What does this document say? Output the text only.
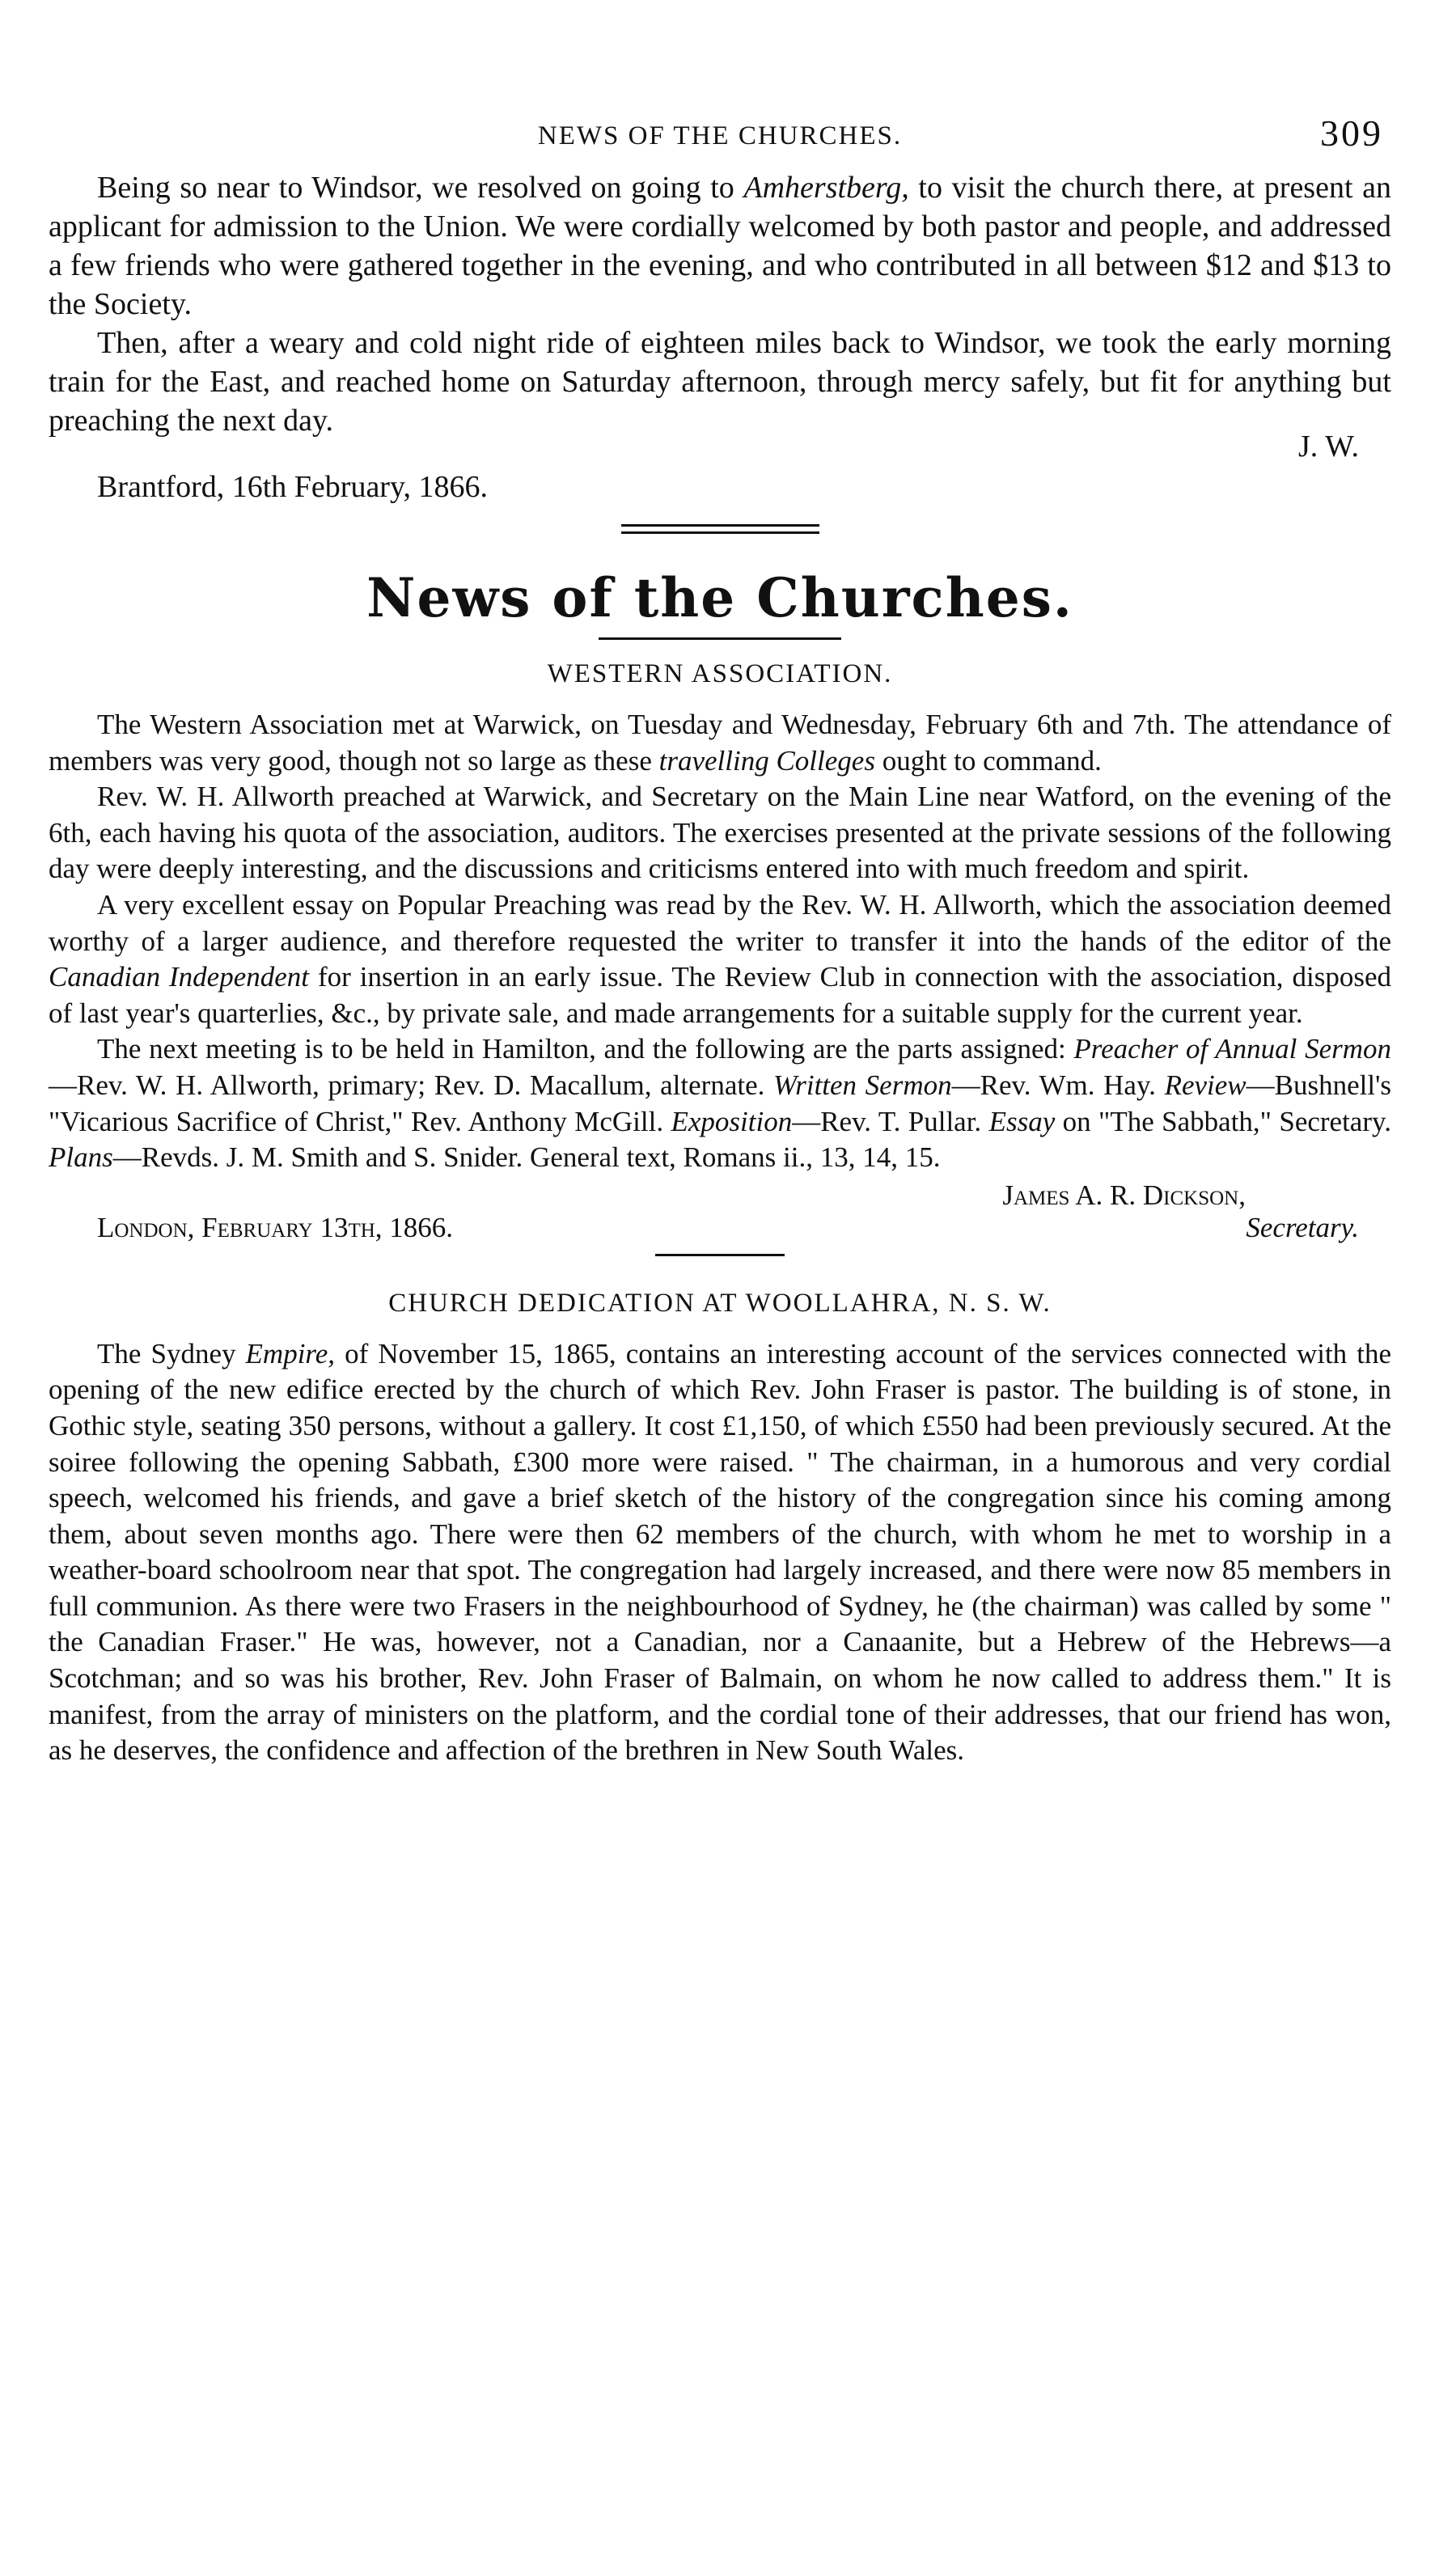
NEWS OF THE CHURCHES.	309

Being so near to Windsor, we resolved on going to Amherstberg, to visit the church there, at present an applicant for admission to the Union. We were cordially welcomed by both pastor and people, and addressed a few friends who were gathered together in the evening, and who contributed in all between $12 and $13 to the Society.

Then, after a weary and cold night ride of eighteen miles back to Windsor, we took the early morning train for the East, and reached home on Saturday afternoon, through mercy safely, but fit for anything but preaching the next day.

J. W.
Brantford, 16th February, 1866.
News of the Churches.
WESTERN ASSOCIATION.

The Western Association met at Warwick, on Tuesday and Wednesday, February 6th and 7th. The attendance of members was very good, though not so large as these travelling Colleges ought to command.

Rev. W. H. Allworth preached at Warwick, and Secretary on the Main Line near Watford, on the evening of the 6th, each having his quota of the association, auditors. The exercises presented at the private sessions of the following day were deeply interesting, and the discussions and criticisms entered into with much freedom and spirit.

A very excellent essay on Popular Preaching was read by the Rev. W. H. Allworth, which the association deemed worthy of a larger audience, and therefore requested the writer to transfer it into the hands of the editor of the Canadian Independent for insertion in an early issue. The Review Club in connection with the association, disposed of last year's quarterlies, &c., by private sale, and made arrangements for a suitable supply for the current year.

The next meeting is to be held in Hamilton, and the following are the parts assigned: Preacher of Annual Sermon—Rev. W. H. Allworth, primary; Rev. D. Macallum, alternate. Written Sermon—Rev. Wm. Hay. Review—Bushnell's "Vicarious Sacrifice of Christ," Rev. Anthony McGill. Exposition—Rev. T. Pullar. Essay on "The Sabbath," Secretary. Plans—Revds. J. M. Smith and S. Snider. General text, Romans ii., 13, 14, 15.

James A. R. Dickson,
London, February 13th, 1866.	Secretary.
CHURCH DEDICATION AT WOOLLAHRA, N. S. W.

The Sydney Empire, of November 15, 1865, contains an interesting account of the services connected with the opening of the new edifice erected by the church of which Rev. John Fraser is pastor. The building is of stone, in Gothic style, seating 350 persons, without a gallery. It cost £1,150, of which £550 had been previously secured. At the soiree following the opening Sabbath, £300 more were raised. " The chairman, in a humorous and very cordial speech, welcomed his friends, and gave a brief sketch of the history of the congregation since his coming among them, about seven months ago. There were then 62 members of the church, with whom he met to worship in a weather-board schoolroom near that spot. The congregation had largely increased, and there were now 85 members in full communion. As there were two Frasers in the neighbourhood of Sydney, he (the chairman) was called by some " the Canadian Fraser." He was, however, not a Canadian, nor a Canaanite, but a Hebrew of the Hebrews—a Scotchman; and so was his brother, Rev. John Fraser of Balmain, on whom he now called to address them." It is manifest, from the array of ministers on the platform, and the cordial tone of their addresses, that our friend has won, as he deserves, the confidence and affection of the brethren in New South Wales.
